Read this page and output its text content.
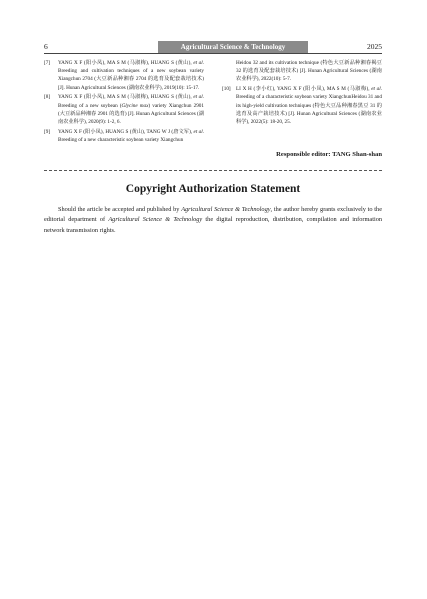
6	Agricultural Science & Technology	2025
[7] YANG X F (阳小凤), MA S M (马淑梅), HUANG S (黄山), et al. Breeding and cultivation techniques of a new soybean variety Xiangchun 2704 (大豆新品种湘春 2704 的选育及配套栽培技术) [J]. Hunan Agricultural Sciences (湖南农业科学), 2019(10): 15-17.
[8] YANG X F (阳小凤), MA S M (马淑梅), HUANG S (黄山), et al. Breeding of a new soybean (Glycine max) variety Xiangchun 2901 (大豆新品种湘春 2901 的选育) [J]. Hunan Agricultural Sciences (湖南农业科学), 2020(9): 1-2, 6.
[9] YANG X F (阳小凤), HUANG S (黄山), TANG W J (唐文军), et al. Breeding of a new characteristic soybean variety Xiangchun
Heidou 32 and its cultivation technique (特色大豆新品种湘春褐豆 32 的选育及配套栽培技术) [J]. Hunan Agricultural Sciences (湖南农业科学), 2022(10): 5-7.
[10] LI X H (李小红), YANG X F (阳小凤), MA S M (马淑梅), et al. Breeding of a characteristic soybean variety XiangchunHeidou 31 and its high-yield cultivation techniques (特色大豆品种湘春黑豆 31 的选育及高产栽培技术) [J]. Hunan Agricultural Sciences (湖南农业科学), 2022(5): 18-20, 25.
Responsible editor: TANG Shan-shan
Copyright Authorization Statement
Should the article be accepted and published by Agricultural Science & Technology, the author hereby grants exclusively to the editorial department of Agricultural Science & Technology the digital reproduction, distribution, compilation and information network transmission rights.
